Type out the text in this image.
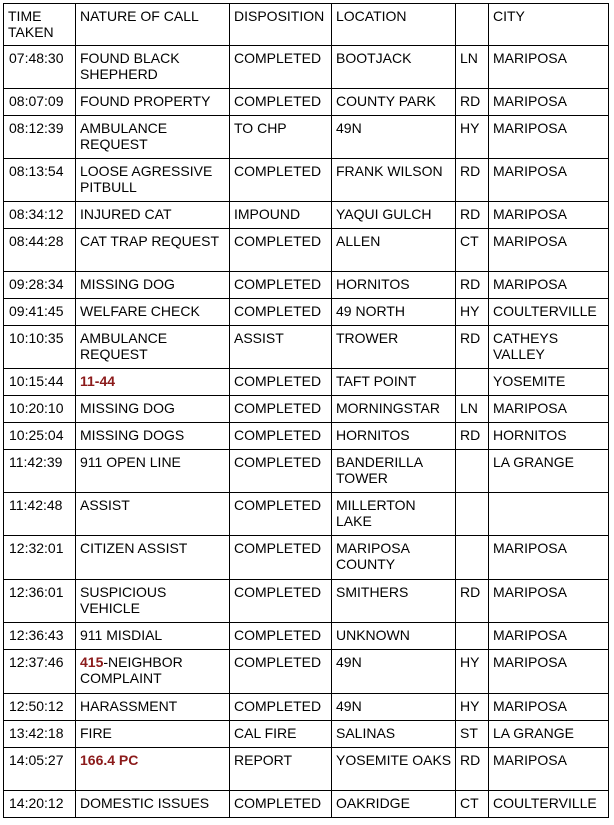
TIME TAKEN	NATURE OF CALL	DISPOSITION	LOCATION		CITY
07:48:30	FOUND BLACK SHEPHERD	COMPLETED	BOOTJACK	LN	MARIPOSA
08:07:09	FOUND PROPERTY	COMPLETED	COUNTY PARK	RD	MARIPOSA
08:12:39	AMBULANCE REQUEST	TO CHP	49N	HY	MARIPOSA
08:13:54	LOOSE AGRESSIVE PITBULL	COMPLETED	FRANK WILSON	RD	MARIPOSA
08:34:12	INJURED CAT	IMPOUND	YAQUI GULCH	RD	MARIPOSA
08:44:28	CAT TRAP REQUEST	COMPLETED	ALLEN	CT	MARIPOSA
09:28:34	MISSING DOG	COMPLETED	HORNITOS	RD	MARIPOSA
09:41:45	WELFARE CHECK	COMPLETED	49 NORTH	HY	COULTERVILLE
10:10:35	AMBULANCE REQUEST	ASSIST	TROWER	RD	CATHEYS VALLEY
10:15:44	11-44	COMPLETED	TAFT POINT		YOSEMITE
10:20:10	MISSING DOG	COMPLETED	MORNINGSTAR	LN	MARIPOSA
10:25:04	MISSING DOGS	COMPLETED	HORNITOS	RD	HORNITOS
11:42:39	911 OPEN LINE	COMPLETED	BANDERILLA TOWER		LA GRANGE
11:42:48	ASSIST	COMPLETED	MILLERTON LAKE		
12:32:01	CITIZEN ASSIST	COMPLETED	MARIPOSA COUNTY		MARIPOSA
12:36:01	SUSPICIOUS VEHICLE	COMPLETED	SMITHERS	RD	MARIPOSA
12:36:43	911 MISDIAL	COMPLETED	UNKNOWN		MARIPOSA
12:37:46	415-NEIGHBOR COMPLAINT	COMPLETED	49N	HY	MARIPOSA
12:50:12	HARASSMENT	COMPLETED	49N	HY	MARIPOSA
13:42:18	FIRE	CAL FIRE	SALINAS	ST	LA GRANGE
14:05:27	166.4 PC	REPORT	YOSEMITE OAKS	RD	MARIPOSA
14:20:12	DOMESTIC ISSUES	COMPLETED	OAKRIDGE	CT	COULTERVILLE
